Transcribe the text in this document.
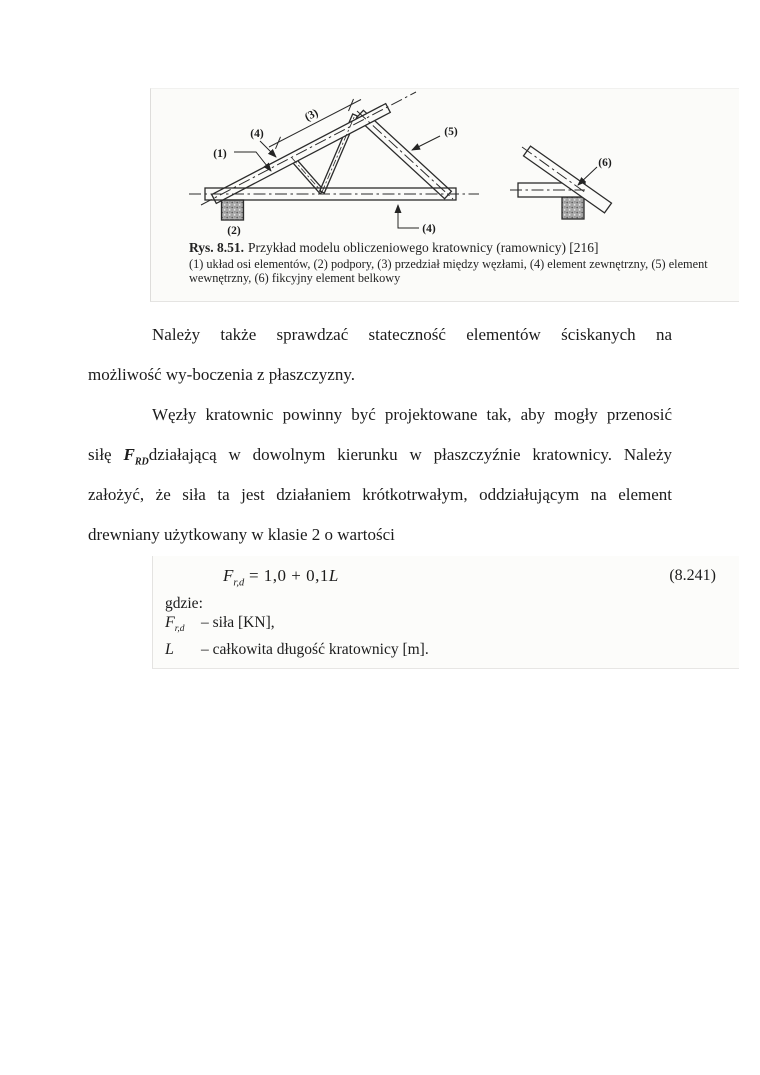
(1)
(4)
(3)
(5)
(2)	(4)
(6)
Rys. 8.51. Przykład modelu obliczeniowego kratownicy (ramownicy) [216]
(1) układ osi elementów, (2) podpory, (3) przedział między węzłami, (4) element zewnętrzny, (5) element
wewnętrzny, (6) fikcyjny element belkowy
Należy także sprawdzać stateczność elementów ściskanych na
możliwość wy-boczenia z płaszczyzny.
Węzły kratownic powinny być projektowane tak, aby mogły przenosić
siłę $F_{RD}działającą$ w dowolnym kierunku w płaszczyźnie kratownicy. Należy
założyć, że siła ta jest działaniem krótkotrwałym, oddziałującym na element
drewniany użytkowany w klasie 2 o wartości
$F_{r,d} = 1,0 + 0,1L$	(8.241)
gdzie:
$F_{r,d}$ – siła [KN],
L – całkowita długość kratownicy [m].
